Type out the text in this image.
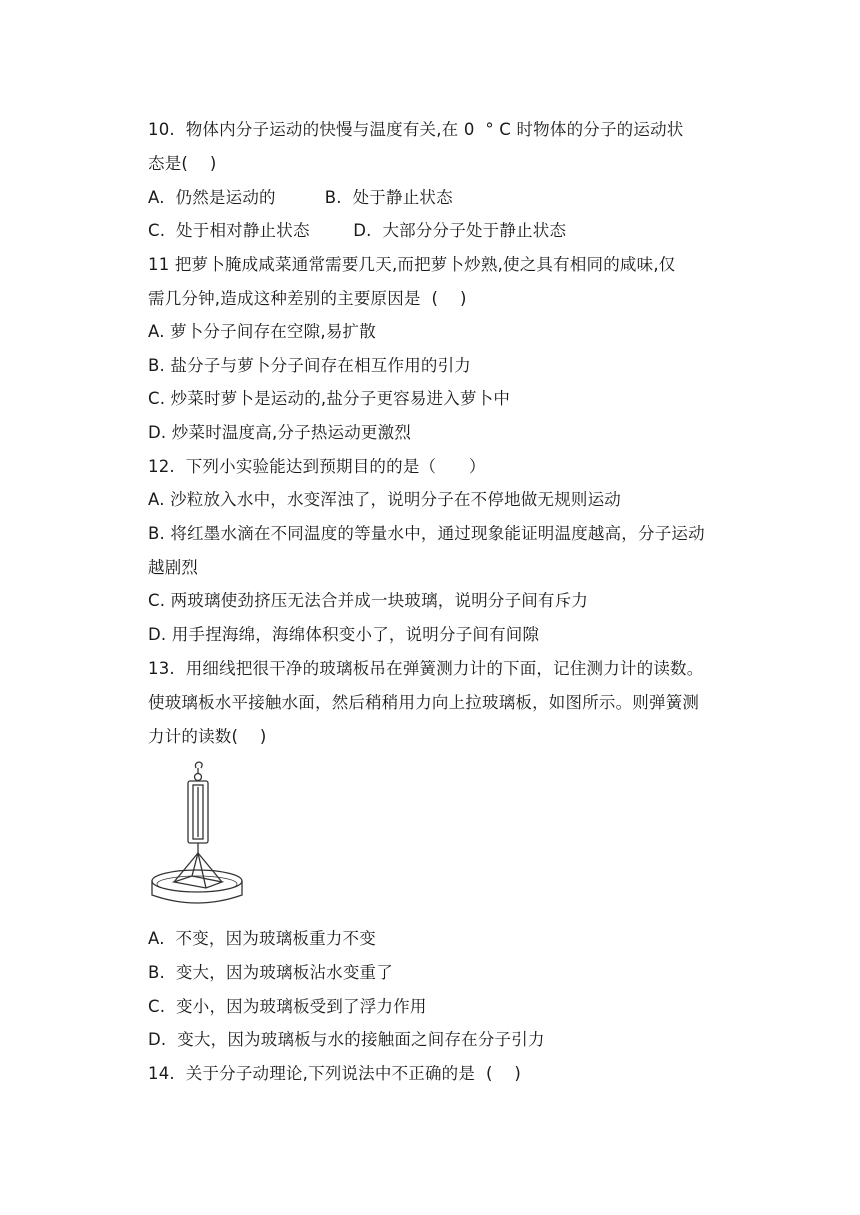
10.  物体内分子运动的快慢与温度有关,在 0  ° C 时物体的分子的运动状
态是(    )
A.  仍然是运动的         B.  处于静止状态
C.  处于相对静止状态        D.  大部分分子处于静止状态
11 把萝卜腌成咸菜通常需要几天,而把萝卜炒熟,使之具有相同的咸味,仅
需几分钟,造成这种差别的主要原因是  (    )
A. 萝卜分子间存在空隙,易扩散
B. 盐分子与萝卜分子间存在相互作用的引力
C. 炒菜时萝卜是运动的,盐分子更容易进入萝卜中
D. 炒菜时温度高,分子热运动更激烈
12.  下列小实验能达到预期目的的是（      ）
A. 沙粒放入水中，水变浑浊了，说明分子在不停地做无规则运动
B. 将红墨水滴在不同温度的等量水中，通过现象能证明温度越高，分子运动
越剧烈
C. 两玻璃使劲挤压无法合并成一块玻璃，说明分子间有斥力
D. 用手捏海绵，海绵体积变小了，说明分子间有间隙
13.  用细线把很干净的玻璃板吊在弹簧测力计的下面，记住测力计的读数。
使玻璃板水平接触水面，然后稍稍用力向上拉玻璃板，如图所示。则弹簧测
力计的读数(    )
A.  不变，因为玻璃板重力不变
B.  变大，因为玻璃板沾水变重了
C.  变小，因为玻璃板受到了浮力作用
D.  变大，因为玻璃板与水的接触面之间存在分子引力
14.  关于分子动理论,下列说法中不正确的是  (    )
